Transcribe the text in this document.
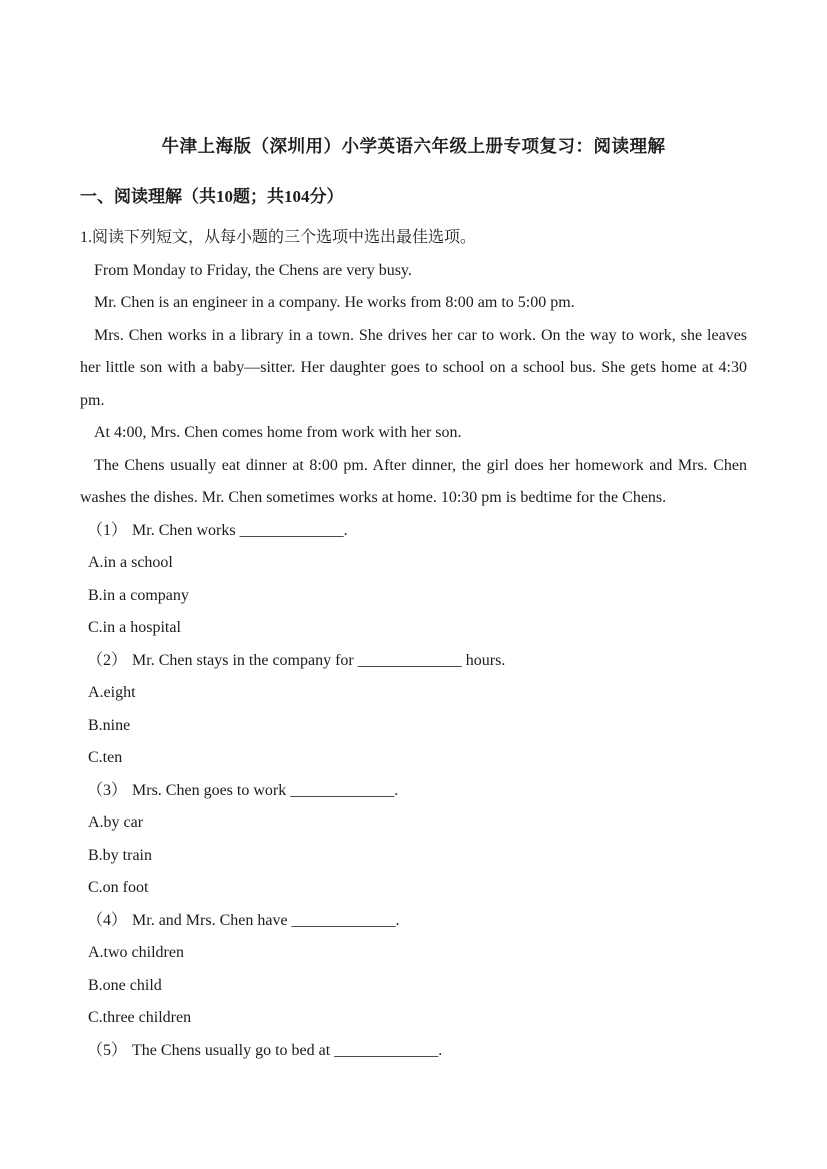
牛津上海版（深圳用）小学英语六年级上册专项复习：阅读理解
一、阅读理解（共10题；共104分）
1.阅读下列短文，从每小题的三个选项中选出最佳选项。

From Monday to Friday, the Chens are very busy.

Mr. Chen is an engineer in a company. He works from 8:00 am to 5:00 pm.

Mrs. Chen works in a library in a town. She drives her car to work. On the way to work, she leaves her little son with a baby—sitter. Her daughter goes to school on a school bus. She gets home at 4:30 pm.

At 4:00, Mrs. Chen comes home from work with her son.

The Chens usually eat dinner at 8:00 pm. After dinner, the girl does her homework and Mrs. Chen washes the dishes. Mr. Chen sometimes works at home. 10:30 pm is bedtime for the Chens.

（1） Mr. Chen works _____________.

A.in a school

B.in a company

C.in a hospital

（2） Mr. Chen stays in the company for _____________ hours.

A.eight

B.nine

C.ten

（3） Mrs. Chen goes to work _____________.

A.by car

B.by train

C.on foot

（4） Mr. and Mrs. Chen have _____________.

A.two children

B.one child

C.three children

（5） The Chens usually go to bed at _____________.
